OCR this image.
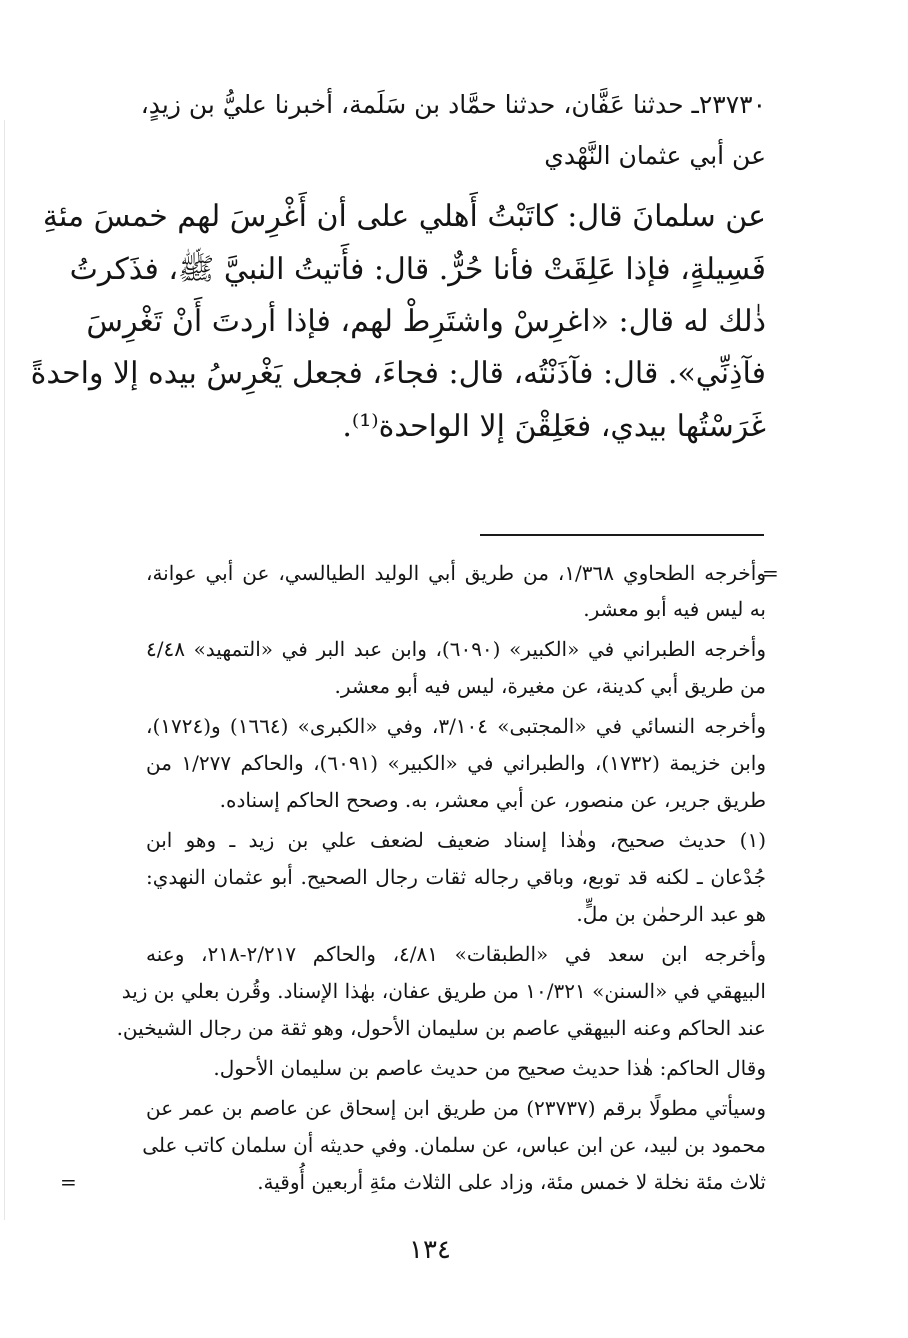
٢٣٧٣٠ـ حدثنا عَفَّان، حدثنا حمَّاد بن سَلَمة، أخبرنا عليُّ بن زيدٍ،
عن أبي عثمان النَّهْدي
عن سلمانَ قال: كاتَبْتُ أَهلي على أن أَغْرِسَ لهم خمسَ مئةِ
فَسِيلةٍ، فإذا عَلِقَتْ فأنا حُرٌّ. قال: فأَتيتُ النبيَّ ﷺ، فذَكرتُ
ذٰلك له قال: «اغرِسْ واشتَرِطْ لهم، فإذا أردتَ أَنْ تَغْرِسَ
فآذِنِّي». قال: فآذَنْتُه، قال: فجاءَ، فجعل يَغْرِسُ بيده إلا واحدةً
غَرَسْتُها بيدي، فعَلِقْنَ إلا الواحدة⁽¹⁾.
=
وأخرجه الطحاوي ١/٣٦٨، من طريق أبي الوليد الطيالسي، عن أبي عوانة،
به ليس فيه أبو معشر.
وأخرجه الطبراني في «الكبير» (٦٠٩٠)، وابن عبد البر في «التمهيد» ٤/٤٨
من طريق أبي كدينة، عن مغيرة، ليس فيه أبو معشر.
وأخرجه النسائي في «المجتبى» ٣/١٠٤، وفي «الكبرى» (١٦٦٤) و(١٧٢٤)،
وابن خزيمة (١٧٣٢)، والطبراني في «الكبير» (٦٠٩١)، والحاكم ١/٢٧٧ من
طريق جرير، عن منصور، عن أبي معشر، به. وصحح الحاكم إسناده.
(١) حديث صحيح، وهٰذا إسناد ضعيف لضعف علي بن زيد ـ وهو ابن
جُدْعان ـ لكنه قد توبع، وباقي رجاله ثقات رجال الصحيح. أبو عثمان النهدي:
هو عبد الرحمٰن بن ملٍّ.
وأخرجه ابن سعد في «الطبقات» ٤/٨١، والحاكم ٢/٢١٧-٢١٨، وعنه
البيهقي في «السنن» ١٠/٣٢١ من طريق عفان، بهٰذا الإسناد. وقُرن بعلي بن زيد
عند الحاكم وعنه البيهقي عاصم بن سليمان الأحول، وهو ثقة من رجال الشيخين.
وقال الحاكم: هٰذا حديث صحيح من حديث عاصم بن سليمان الأحول.
وسيأتي مطولًا برقم (٢٣٧٣٧) من طريق ابن إسحاق عن عاصم بن عمر عن
محمود بن لبيد، عن ابن عباس، عن سلمان. وفي حديثه أن سلمان كاتب على
ثلاث مئة نخلة لا خمس مئة، وزاد على الثلاث مئةِ أربعين أُوقية.
=
١٣٤
